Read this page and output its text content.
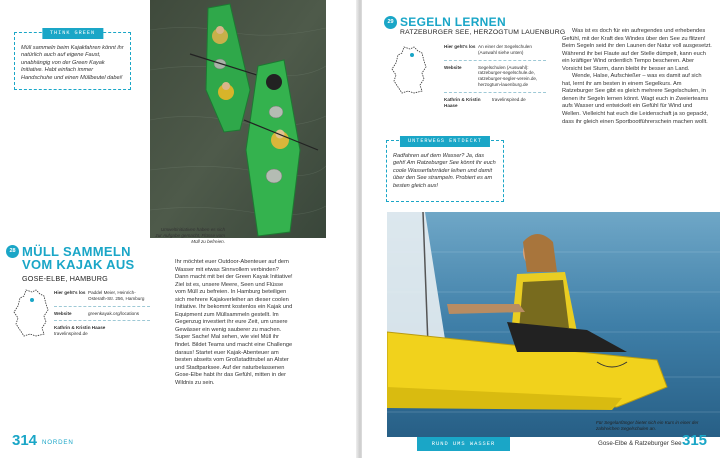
THINK GREEN
Müll sammeln beim Kajakfahren könnt ihr natürlich auch auf eigene Faust, unabhängig von der Green Kayak Initiative. Habt einfach immer Handschuhe und einen Müllbeutel dabei!
Umweltinitiativen haben es sich zur Aufgabe gemacht, Flüsse vom Müll zu befreien.
28 MÜLL SAMMELN
VOM KAJAK AUS
GOSE-ELBE, HAMBURG
Hier geht's los Paddel Meier, Heinrich-Osterath-Str. 256, Hamburg
Website	greenkayak.org/locations
Kathrin & Kristin Haase
travelinspired.de
Ihr möchtet euer Outdoor-Abenteuer auf dem Wasser mit etwas Sinnvollem verbinden? Dann macht mit bei der Green Kayak Initiative! Ziel ist es, unsere Meere, Seen und Flüsse vom Müll zu befreien. In Hamburg beteiligen sich mehrere Kajakverleiher an dieser coolen Initiative. Ihr bekommt kostenlos ein Kajak und Equipment zum Müllsammeln gestellt. Im Gegenzug investiert ihr eure Zeit, um unsere Gewässer ein wenig sauberer zu machen. Super Sache! Mal sehen, wie viel Müll ihr findet. Bildet Teams und macht eine Challenge daraus! Startet euer Kajak-Abenteuer am besten abseits vom Großstadttrubel an Alster und Stadtparksee. Auf der naturbelassenen Gose-Elbe habt ihr das Gefühl, mitten in der Wildnis zu sein.
314 NORDEN
29 SEGELN LERNEN
RATZEBURGER SEE, HERZOGTUM LAUENBURG
Hier geht's los An einer der Segelschulen (Auswahl siehe unten)
Website	Segelschulen (Auswahl): ratzeburger-segelschule.de, ratzeburger-segler-verein.de, herzogtum-lauenburg.de
Kathrin & Kristin Haase
travelinspired.de

Was ist es doch für ein aufregendes und erhebendes Gefühl, mit der Kraft des Windes über den See zu flitzen! Beim Segeln seid ihr den Launen der Natur voll ausgesetzt. Während ihr bei Flaute auf der Stelle dümpelt, kann euch ein kräftiger Wind ordentlich Tempo bescheren. Aber Vorsicht bei Sturm, dann bleibt ihr besser an Land.

Wende, Halse, Aufschießer – was es damit auf sich hat, lernt ihr am besten in einem Segelkurs. Am Ratzeburger See gibt es gleich mehrere Segelschulen, in denen ihr Segeln lernen könnt. Wagt euch in Zweierteams aufs Wasser und entwickelt ein Gefühl für Wind und Wellen. Vielleicht hat euch die Leidenschaft ja so gepackt, dass ihr gleich einen Sportbootführerschein machen wollt.

UNTERWEGS ENTDECKT
Radfahren auf dem Wasser? Ja, das geht! Am Ratzeburger See könnt ihr euch coole Wasserfahrräder leihen und damit über den See strampeln. Probiert es am besten gleich aus!
Für Segelanfänger bietet sich ein Kurs in einer der zahlreichen Segelschulen an.
RUND UMS WASSER	Gose-Elbe & Ratzeburger See 315
